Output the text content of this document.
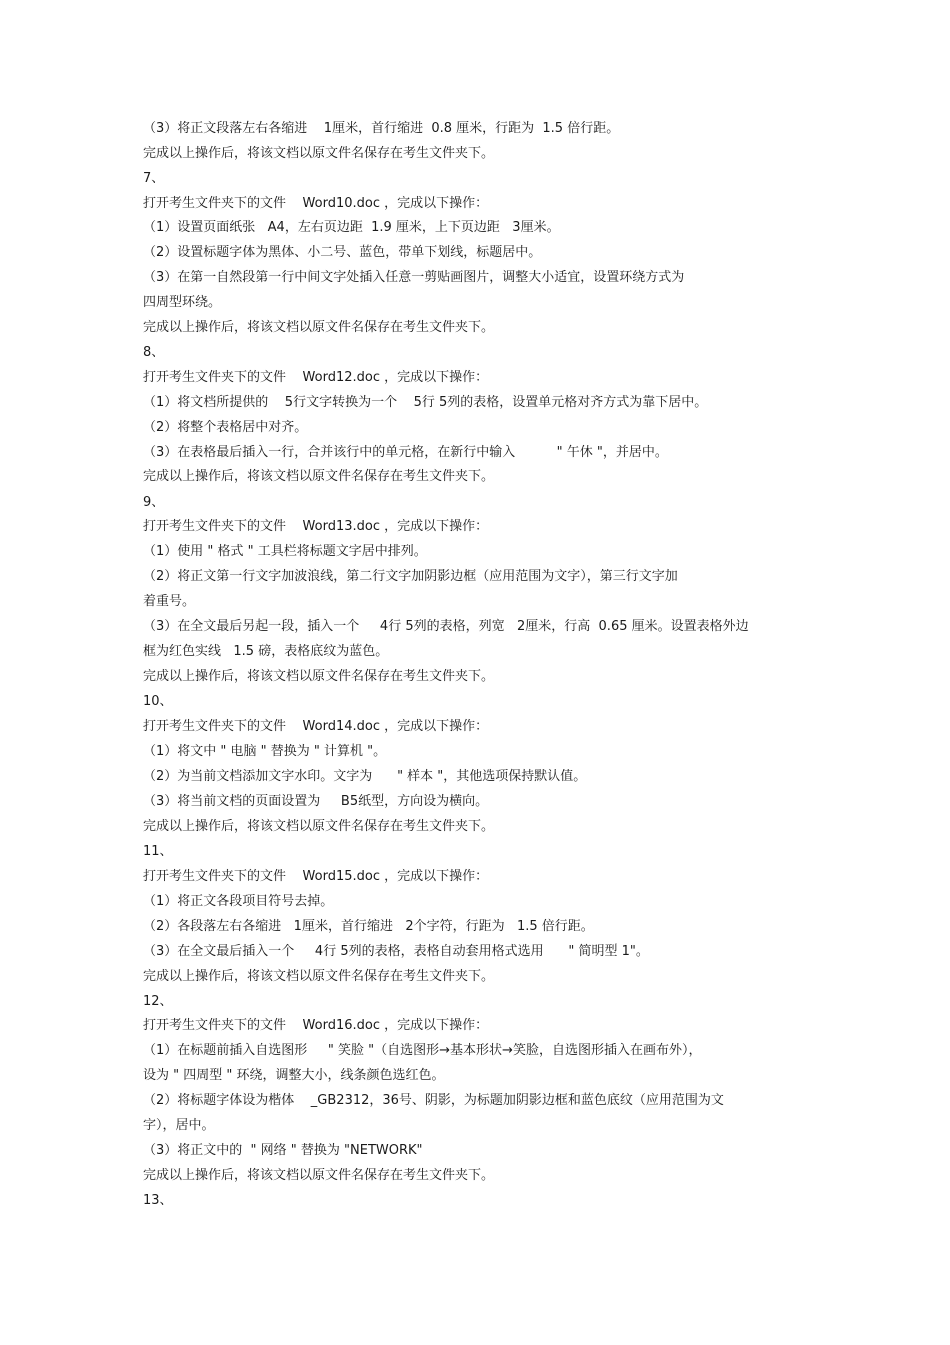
（3）将正文段落左右各缩进    1厘米，首行缩进  0.8 厘米，行距为  1.5 倍行距。
完成以上操作后，将该文档以原文件名保存在考生文件夹下。
7、
打开考生文件夹下的文件    Word10.doc ，完成以下操作：
（1）设置页面纸张   A4，左右页边距  1.9 厘米，上下页边距   3厘米。
（2）设置标题字体为黑体、小二号、蓝色，带单下划线，标题居中。
（3）在第一自然段第一行中间文字处插入任意一剪贴画图片，调整大小适宜，设置环绕方式为
四周型环绕。
完成以上操作后，将该文档以原文件名保存在考生文件夹下。
8、
打开考生文件夹下的文件    Word12.doc ，完成以下操作：
（1）将文档所提供的    5行文字转换为一个    5行 5列的表格，设置单元格对齐方式为靠下居中。
（2）将整个表格居中对齐。
（3）在表格最后插入一行，合并该行中的单元格，在新行中输入          " 午休 "，并居中。
完成以上操作后，将该文档以原文件名保存在考生文件夹下。
9、
打开考生文件夹下的文件    Word13.doc ，完成以下操作：
（1）使用 " 格式 " 工具栏将标题文字居中排列。
（2）将正文第一行文字加波浪线，第二行文字加阴影边框（应用范围为文字），第三行文字加
着重号。
（3）在全文最后另起一段，插入一个     4行 5列的表格，列宽   2厘米，行高  0.65 厘米。设置表格外边
框为红色实线   1.5 磅，表格底纹为蓝色。
完成以上操作后，将该文档以原文件名保存在考生文件夹下。
10、
打开考生文件夹下的文件    Word14.doc ，完成以下操作：
（1）将文中 " 电脑 " 替换为 " 计算机 "。
（2）为当前文档添加文字水印。文字为      " 样本 "，其他选项保持默认值。
（3）将当前文档的页面设置为     B5纸型，方向设为横向。
完成以上操作后，将该文档以原文件名保存在考生文件夹下。
11、
打开考生文件夹下的文件    Word15.doc ，完成以下操作：
（1）将正文各段项目符号去掉。
（2）各段落左右各缩进   1厘米，首行缩进   2个字符，行距为   1.5 倍行距。
（3）在全文最后插入一个     4行 5列的表格，表格自动套用格式选用      " 简明型 1"。
完成以上操作后，将该文档以原文件名保存在考生文件夹下。
12、
打开考生文件夹下的文件    Word16.doc ，完成以下操作：
（1）在标题前插入自选图形     " 笑脸 "（自选图形→基本形状→笑脸，自选图形插入在画布外），
设为 " 四周型 " 环绕，调整大小，线条颜色选红色。
（2）将标题字体设为楷体    _GB2312，36号、阴影，为标题加阴影边框和蓝色底纹（应用范围为文
字），居中。
（3）将正文中的  " 网络 " 替换为 "NETWORK"
完成以上操作后，将该文档以原文件名保存在考生文件夹下。
13、
